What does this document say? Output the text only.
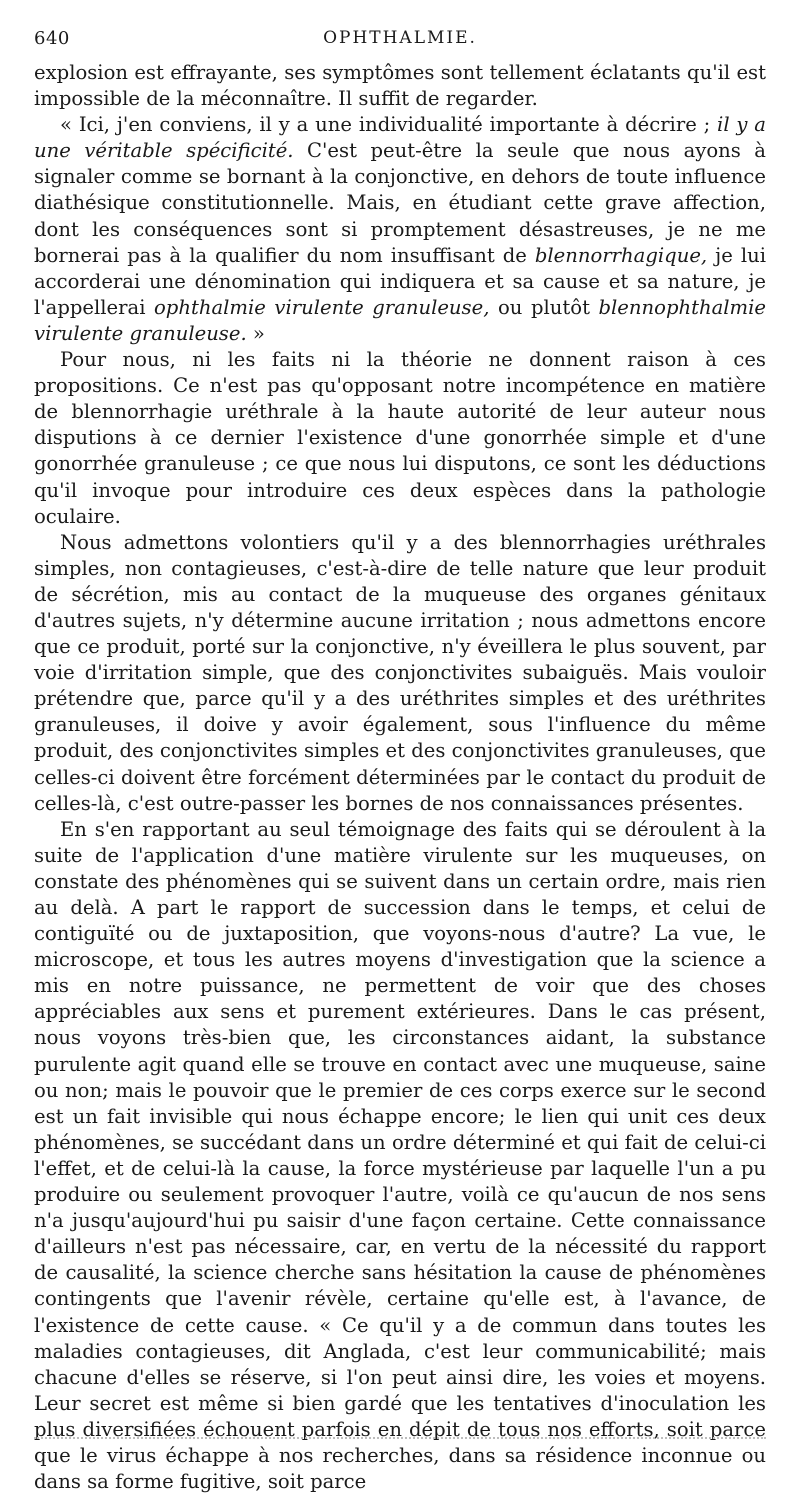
640	OPHTHALMIE.

explosion est effrayante, ses symptômes sont tellement éclatants qu'il est impossible de la méconnaître. Il suffit de regarder.

« Ici, j'en conviens, il y a une individualité importante à décrire ; il y a une véritable spécificité. C'est peut-être la seule que nous ayons à signaler comme se bornant à la conjonctive, en dehors de toute influence diathésique constitutionnelle. Mais, en étudiant cette grave affection, dont les conséquences sont si promptement désastreuses, je ne me bornerai pas à la qualifier du nom insuffisant de blennorrhagique, je lui accorderai une dénomination qui indiquera et sa cause et sa nature, je l'appellerai ophthalmie virulente granuleuse, ou plutôt blennophthalmie virulente granuleuse. »

Pour nous, ni les faits ni la théorie ne donnent raison à ces propositions. Ce n'est pas qu'opposant notre incompétence en matière de blennorrhagie uréthrale à la haute autorité de leur auteur nous disputions à ce dernier l'existence d'une gonorrhée simple et d'une gonorrhée granuleuse ; ce que nous lui disputons, ce sont les déductions qu'il invoque pour introduire ces deux espèces dans la pathologie oculaire.

Nous admettons volontiers qu'il y a des blennorrhagies uréthrales simples, non contagieuses, c'est-à-dire de telle nature que leur produit de sécrétion, mis au contact de la muqueuse des organes génitaux d'autres sujets, n'y détermine aucune irritation ; nous admettons encore que ce produit, porté sur la conjonctive, n'y éveillera le plus souvent, par voie d'irritation simple, que des conjonctivites subaiguës. Mais vouloir prétendre que, parce qu'il y a des uréthrites simples et des uréthrites granuleuses, il doive y avoir également, sous l'influence du même produit, des conjonctivites simples et des conjonctivites granuleuses, que celles-ci doivent être forcément déterminées par le contact du produit de celles-là, c'est outre-passer les bornes de nos connaissances présentes.

En s'en rapportant au seul témoignage des faits qui se déroulent à la suite de l'application d'une matière virulente sur les muqueuses, on constate des phénomènes qui se suivent dans un certain ordre, mais rien au delà. A part le rapport de succession dans le temps, et celui de contiguïté ou de juxtaposition, que voyons-nous d'autre? La vue, le microscope, et tous les autres moyens d'investigation que la science a mis en notre puissance, ne permettent de voir que des choses appréciables aux sens et purement extérieures. Dans le cas présent, nous voyons très-bien que, les circonstances aidant, la substance purulente agit quand elle se trouve en contact avec une muqueuse, saine ou non; mais le pouvoir que le premier de ces corps exerce sur le second est un fait invisible qui nous échappe encore; le lien qui unit ces deux phénomènes, se succédant dans un ordre déterminé et qui fait de celui-ci l'effet, et de celui-là la cause, la force mystérieuse par laquelle l'un a pu produire ou seulement provoquer l'autre, voilà ce qu'aucun de nos sens n'a jusqu'aujourd'hui pu saisir d'une façon certaine. Cette connaissance d'ailleurs n'est pas nécessaire, car, en vertu de la nécessité du rapport de causalité, la science cherche sans hésitation la cause de phénomènes contingents que l'avenir révèle, certaine qu'elle est, à l'avance, de l'existence de cette cause. « Ce qu'il y a de commun dans toutes les maladies contagieuses, dit Anglada, c'est leur communicabilité; mais chacune d'elles se réserve, si l'on peut ainsi dire, les voies et moyens. Leur secret est même si bien gardé que les tentatives d'inoculation les plus diversifiées échouent parfois en dépit de tous nos efforts, soit parce que le virus échappe à nos recherches, dans sa résidence inconnue ou dans sa forme fugitive, soit parce
